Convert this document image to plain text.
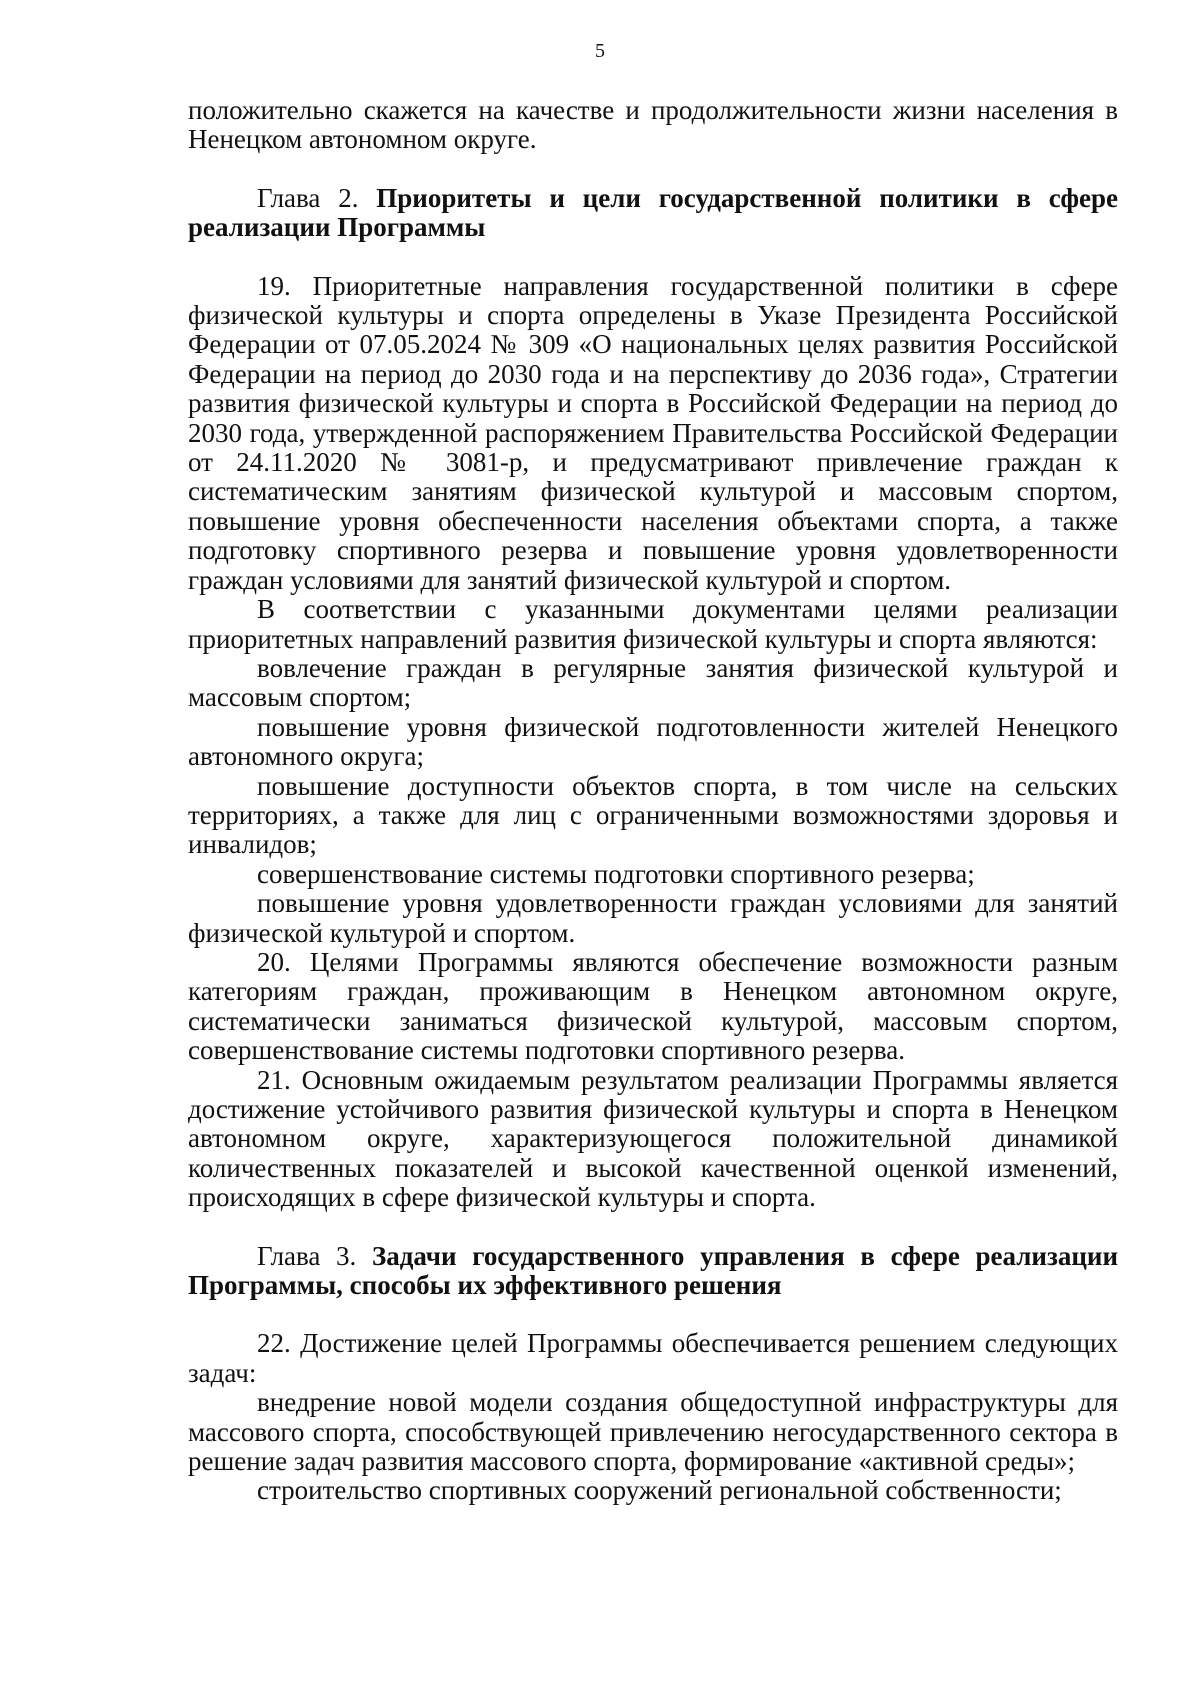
5

положительно скажется на качестве и продолжительности жизни населения в Ненецком автономном округе.

Глава 2. Приоритеты и цели государственной политики в сфере реализации Программы

19. Приоритетные направления государственной политики в сфере физической культуры и спорта определены в Указе Президента Российской Федерации от 07.05.2024 № 309 «О национальных целях развития Российской Федерации на период до 2030 года и на перспективу до 2036 года», Стратегии развития физической культуры и спорта в Российской Федерации на период до 2030 года, утвержденной распоряжением Правительства Российской Федерации от 24.11.2020 № 3081-р, и предусматривают привлечение граждан к систематическим занятиям физической культурой и массовым спортом, повышение уровня обеспеченности населения объектами спорта, а также подготовку спортивного резерва и повышение уровня удовлетворенности граждан условиями для занятий физической культурой и спортом.

В соответствии с указанными документами целями реализации приоритетных направлений развития физической культуры и спорта являются:

вовлечение граждан в регулярные занятия физической культурой и массовым спортом;

повышение уровня физической подготовленности жителей Ненецкого автономного округа;

повышение доступности объектов спорта, в том числе на сельских территориях, а также для лиц с ограниченными возможностями здоровья и инвалидов;

совершенствование системы подготовки спортивного резерва;

повышение уровня удовлетворенности граждан условиями для занятий физической культурой и спортом.

20. Целями Программы являются обеспечение возможности разным категориям граждан, проживающим в Ненецком автономном округе, систематически заниматься физической культурой, массовым спортом, совершенствование системы подготовки спортивного резерва.

21. Основным ожидаемым результатом реализации Программы является достижение устойчивого развития физической культуры и спорта в Ненецком автономном округе, характеризующегося положительной динамикой количественных показателей и высокой качественной оценкой изменений, происходящих в сфере физической культуры и спорта.

Глава 3. Задачи государственного управления в сфере реализации Программы, способы их эффективного решения

22. Достижение целей Программы обеспечивается решением следующих задач:

внедрение новой модели создания общедоступной инфраструктуры для массового спорта, способствующей привлечению негосударственного сектора в решение задач развития массового спорта, формирование «активной среды»;

строительство спортивных сооружений региональной собственности;
